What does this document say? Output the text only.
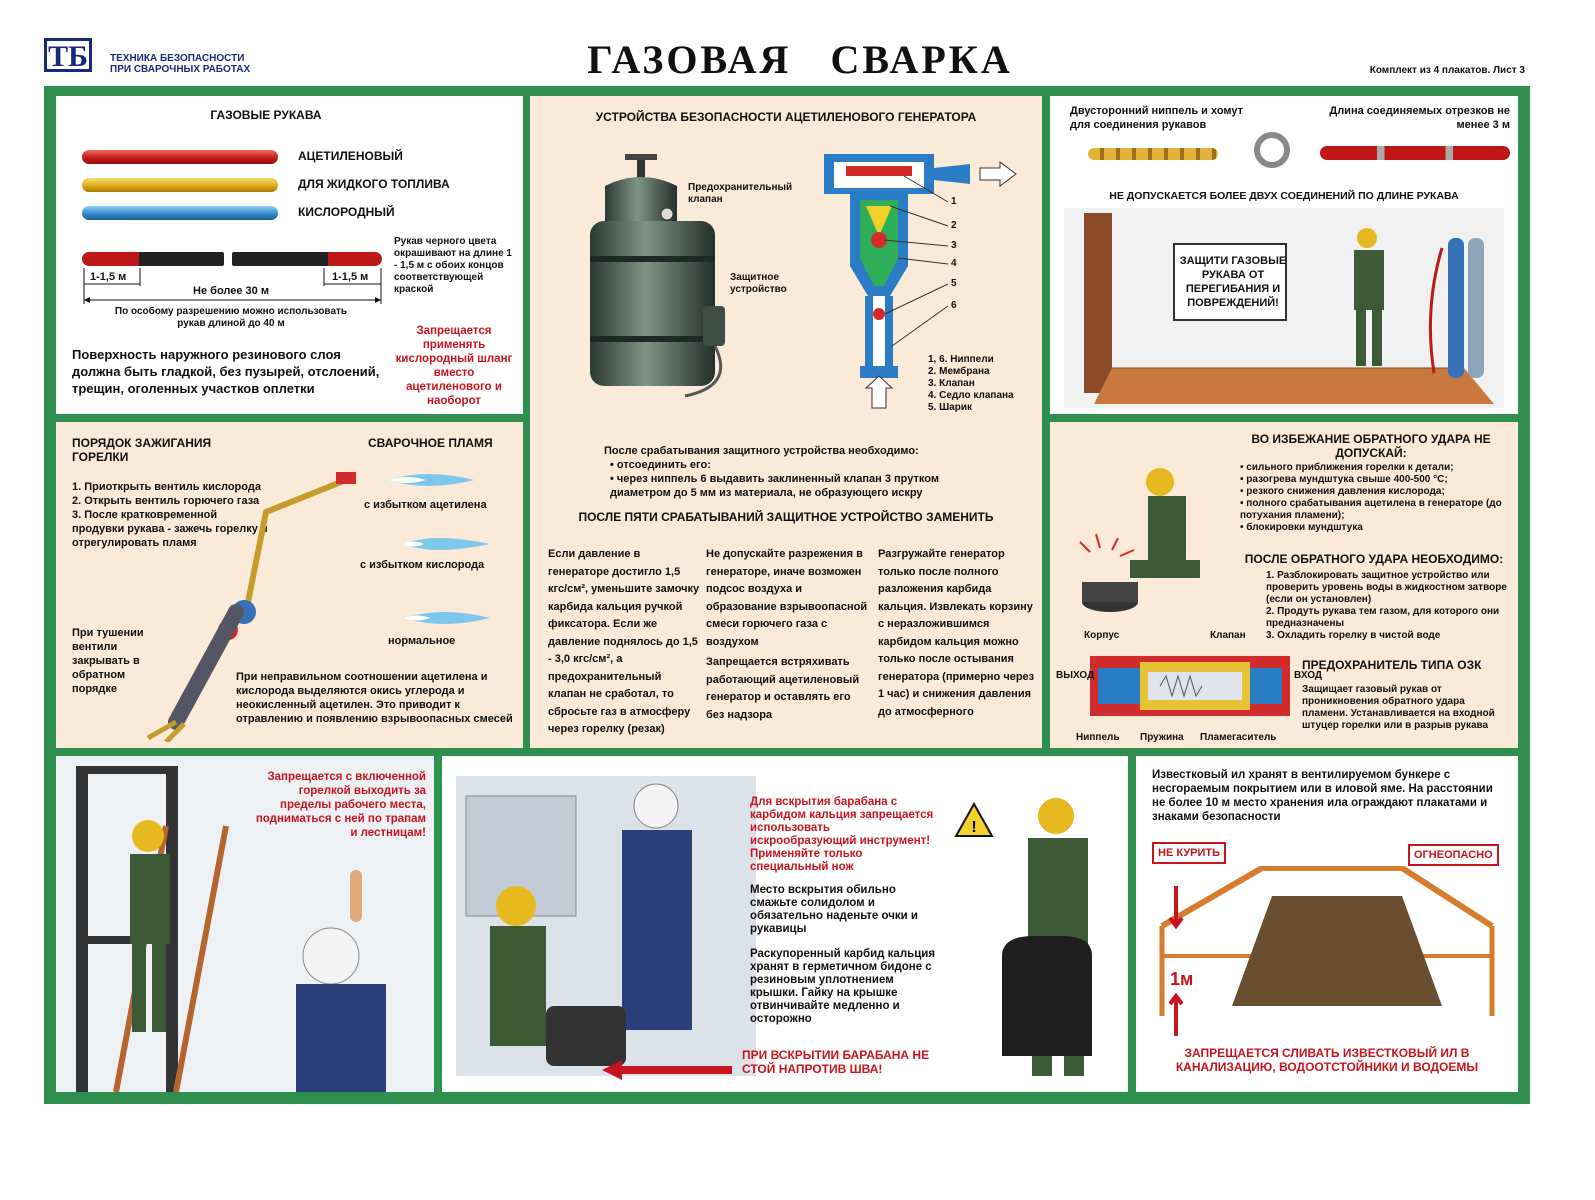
ТБ	ТЕХНИКА БЕЗОПАСНОСТИ
ПРИ СВАРОЧНЫХ РАБОТАХ	ГАЗОВАЯ   СВАРКА	Комплект из 4 плакатов. Лист 3
ГАЗОВЫЕ РУКАВА
АЦЕТИЛЕНОВЫЙ
ДЛЯ ЖИДКОГО ТОПЛИВА
КИСЛОРОДНЫЙ
1-1,5 м	1-1,5 м
Не более 30 м
По особому разрешению можно использовать рукав длиной до 40 м
Рукав черного цвета окрашивают на длине 1 - 1,5 м с обоих концов соответствующей краской
Поверхность наружного резинового слоя должна быть гладкой, без пузырей, отслоений, трещин, оголенных участков оплетки
Запрещается применять кислородный шланг вместо ацетиленового и наоборот
УСТРОЙСТВА БЕЗОПАСНОСТИ АЦЕТИЛЕНОВОГО ГЕНЕРАТОРА
Предохранительный клапан
Защитное устройство
1
2
3
4
5
6
1, 6. Ниппели
2. Мембрана
3. Клапан
4. Седло клапана
5. Шарик
После срабатывания защитного устройства необходимо:
• отсоединить его:
• через ниппель 6 выдавить заклиненный клапан 3 прутком диаметром до 5 мм из материала, не образующего искру
ПОСЛЕ ПЯТИ СРАБАТЫВАНИЙ ЗАЩИТНОЕ УСТРОЙСТВО ЗАМЕНИТЬ
Если давление в генераторе достигло 1,5 кгс/см², уменьшите замочку карбида кальция ручкой фиксатора. Если же давление поднялось до 1,5 - 3,0 кгс/см², а предохранительный клапан не сработал, то сбросьте газ в атмосферу через горелку (резак)
Не допускайте разрежения в генераторе, иначе возможен подсос воздуха и образование взрывоопасной смеси горючего газа с воздухом
Запрещается встряхивать работающий ацетиленовый генератор и оставлять его без надзора
Разгружайте генератор только после полного разложения карбида кальция. Извлекать корзину с неразложившимся карбидом кальция можно только после остывания генератора (примерно через 1 час) и снижения давления до атмосферного
Двусторонний ниппель и хомут для соединения рукавов
Длина соединяемых отрезков не менее 3 м
НЕ ДОПУСКАЕТСЯ БОЛЕЕ ДВУХ СОЕДИНЕНИЙ ПО ДЛИНЕ РУКАВА
ЗАЩИТИ ГАЗОВЫЕ РУКАВА ОТ ПЕРЕГИБАНИЯ И ПОВРЕЖДЕНИЙ!
ПОРЯДОК ЗАЖИГАНИЯ ГОРЕЛКИ
СВАРОЧНОЕ ПЛАМЯ
1. Приоткрыть вентиль кислорода
2. Открыть вентиль горючего газа
3. После кратковременной продувки рукава - зажечь горелку и отрегулировать пламя
с избытком ацетилена
с избытком кислорода
нормальное
При тушении вентили закрывать в обратном порядке
При неправильном соотношении ацетилена и кислорода выделяются окись углерода и неокисленный ацетилен. Это приводит к отравлению и появлению взрывоопасных смесей
ВО ИЗБЕЖАНИЕ ОБРАТНОГО УДАРА НЕ ДОПУСКАЙ:
• сильного приближения горелки к детали;
• разогрева мундштука свыше 400-500 °С;
• резкого снижения давления кислорода;
• полного срабатывания ацетилена в генераторе (до потухания пламени);
• блокировки мундштука
ПОСЛЕ ОБРАТНОГО УДАРА НЕОБХОДИМО:
1. Разблокировать защитное устройство или проверить уровень воды в жидкостном затворе (если он установлен)
2. Продуть рукава тем газом, для которого они предназначены
3. Охладить горелку в чистой воде
Корпус	Клапан
ВЫХОД	ВХОД
Ниппель Пружина Пламегаситель
ПРЕДОХРАНИТЕЛЬ ТИПА ОЗК
Защищает газовый рукав от проникновения обратного удара пламени. Устанавливается на входной штуцер горелки или в разрыв рукава
Запрещается с включенной горелкой выходить за пределы рабочего места, подниматься с ней по трапам и лестницам!
Для вскрытия барабана с карбидом кальция запрещается использовать искрообразующий инструмент! Применяйте только специальный нож
Место вскрытия обильно смажьте солидолом и обязательно наденьте очки и рукавицы
Раскупоренный карбид кальция хранят в герметичном бидоне с резиновым уплотнением крышки. Гайку на крышке отвинчивайте медленно и осторожно
ПРИ ВСКРЫТИИ БАРАБАНА НЕ СТОЙ НАПРОТИВ ШВА!
!
Известковый ил хранят в вентилируемом бункере с несгораемым покрытием или в иловой яме. На расстоянии не более 10 м место хранения ила ограждают плакатами и знаками безопасности
НЕ КУРИТЬ	ОГНЕОПАСНО
1м
ЗАПРЕЩАЕТСЯ СЛИВАТЬ ИЗВЕСТКОВЫЙ ИЛ В КАНАЛИЗАЦИЮ, ВОДООТСТОЙНИКИ И ВОДОЕМЫ
